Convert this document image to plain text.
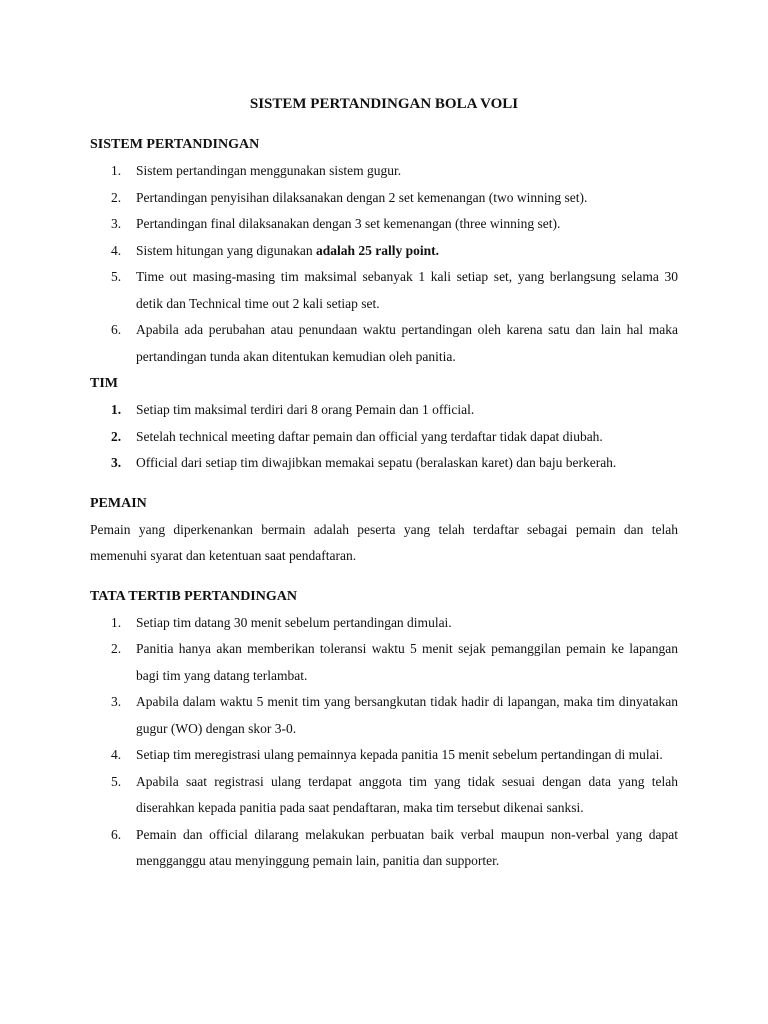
SISTEM PERTANDINGAN BOLA VOLI
SISTEM PERTANDINGAN
1. Sistem pertandingan menggunakan sistem gugur.
2. Pertandingan penyisihan dilaksanakan dengan 2 set kemenangan (two winning set).
3. Pertandingan final dilaksanakan dengan 3 set kemenangan (three winning set).
4. Sistem hitungan yang digunakan adalah 25 rally point.
5. Time out masing-masing tim maksimal sebanyak 1 kali setiap set, yang berlangsung selama 30 detik dan Technical time out 2 kali setiap set.
6. Apabila ada perubahan atau penundaan waktu pertandingan oleh karena satu dan lain hal maka pertandingan tunda akan ditentukan kemudian oleh panitia.
TIM
1. Setiap tim maksimal terdiri dari 8 orang Pemain dan 1 official.
2. Setelah technical meeting daftar pemain dan official yang terdaftar tidak dapat diubah.
3. Official dari setiap tim diwajibkan memakai sepatu (beralaskan karet) dan baju berkerah.
PEMAIN

Pemain yang diperkenankan bermain adalah peserta yang telah terdaftar sebagai pemain dan telah memenuhi syarat dan ketentuan saat pendaftaran.

TATA TERTIB PERTANDINGAN
1. Setiap tim datang 30 menit sebelum pertandingan dimulai.
2. Panitia hanya akan memberikan toleransi waktu 5 menit sejak pemanggilan pemain ke lapangan bagi tim yang datang terlambat.
3. Apabila dalam waktu 5 menit tim yang bersangkutan tidak hadir di lapangan, maka tim dinyatakan gugur (WO) dengan skor 3-0.
4. Setiap tim meregistrasi ulang pemainnya kepada panitia 15 menit sebelum pertandingan di mulai.
5. Apabila saat registrasi ulang terdapat anggota tim yang tidak sesuai dengan data yang telah diserahkan kepada panitia pada saat pendaftaran, maka tim tersebut dikenai sanksi.
6. Pemain dan official dilarang melakukan perbuatan baik verbal maupun non-verbal yang dapat mengganggu atau menyinggung pemain lain, panitia dan supporter.
